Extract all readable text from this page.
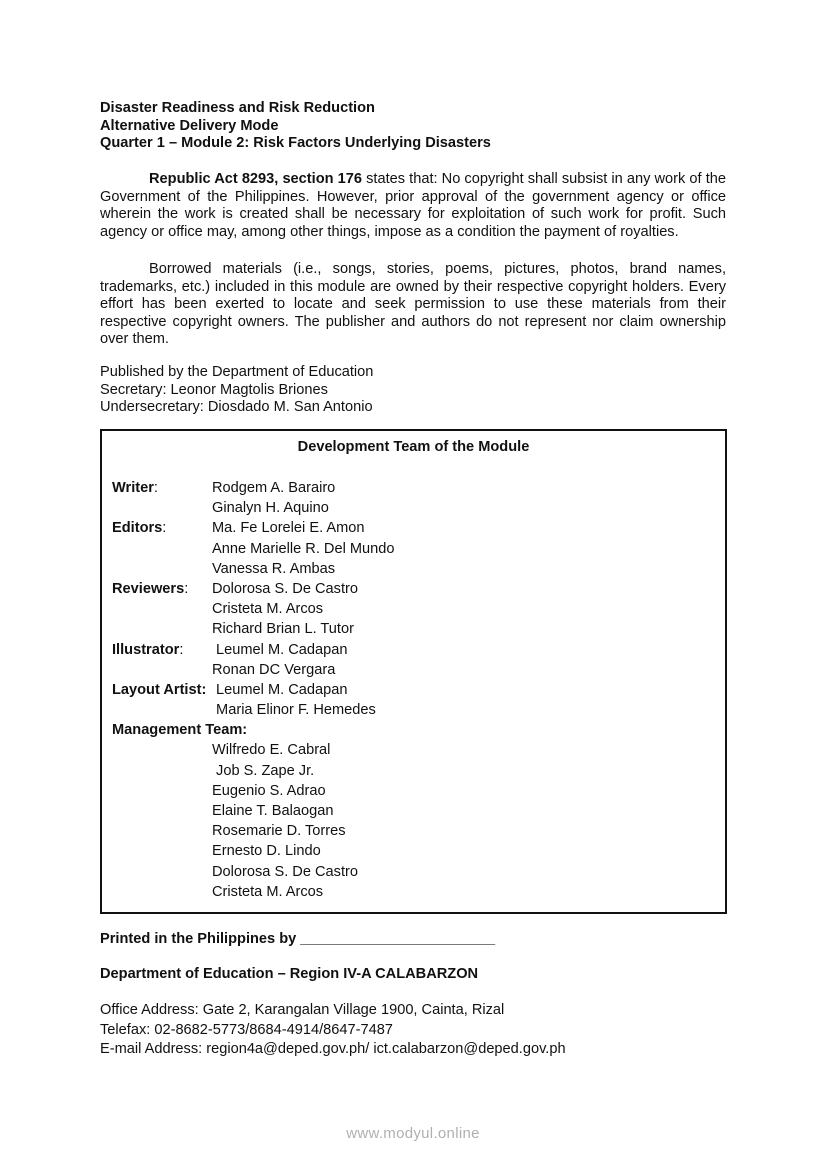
Disaster Readiness and Risk Reduction
Alternative Delivery Mode
Quarter 1 – Module 2: Risk Factors Underlying Disasters
Republic Act 8293, section 176 states that: No copyright shall subsist in any work of the Government of the Philippines. However, prior approval of the government agency or office wherein the work is created shall be necessary for exploitation of such work for profit. Such agency or office may, among other things, impose as a condition the payment of royalties.
Borrowed materials (i.e., songs, stories, poems, pictures, photos, brand names, trademarks, etc.) included in this module are owned by their respective copyright holders. Every effort has been exerted to locate and seek permission to use these materials from their respective copyright owners. The publisher and authors do not represent nor claim ownership over them.
Published by the Department of Education
Secretary: Leonor Magtolis Briones
Undersecretary: Diosdado M. San Antonio
Development Team of the Module
Writer:	Rodgem A. Barairo
Ginalyn H. Aquino
Editors:	Ma. Fe Lorelei E. Amon
Anne Marielle R. Del Mundo
Vanessa R. Ambas
Reviewers:	Dolorosa S. De Castro
Cristeta M. Arcos
Richard Brian L. Tutor
Illustrator:	Leumel M. Cadapan
Ronan DC Vergara
Layout Artist: Leumel M. Cadapan
Maria Elinor F. Hemedes
Management Team:
Wilfredo E. Cabral
Job S. Zape Jr.
Eugenio S. Adrao
Elaine T. Balaogan
Rosemarie D. Torres
Ernesto D. Lindo
Dolorosa S. De Castro
Cristeta M. Arcos
Printed in the Philippines by ________________________
Department of Education – Region IV-A CALABARZON
Office Address: Gate 2, Karangalan Village 1900, Cainta, Rizal
Telefax: 02-8682-5773/8684-4914/8647-7487
E-mail Address: region4a@deped.gov.ph/ ict.calabarzon@deped.gov.ph
www.modyul.online
